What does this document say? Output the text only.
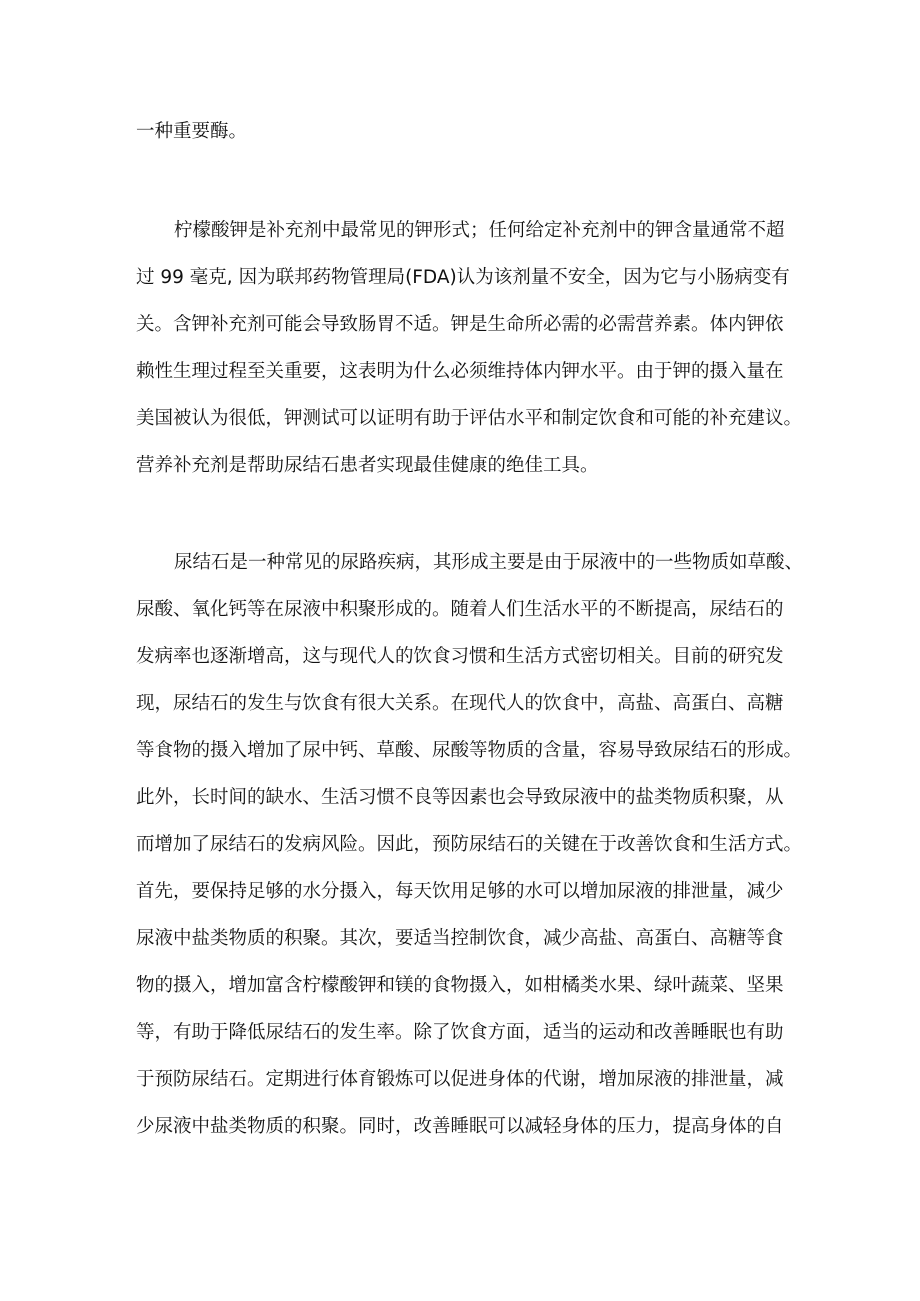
一种重要酶。
柠檬酸钾是补充剂中最常见的钾形式；任何给定补充剂中的钾含量通常不超
过 99 毫克, 因为联邦药物管理局(FDA)认为该剂量不安全，因为它与小肠病变有
关。含钾补充剂可能会导致肠胃不适。钾是生命所必需的必需营养素。体内钾依
赖性生理过程至关重要，这表明为什么必须维持体内钾水平。由于钾的摄入量在
美国被认为很低，钾测试可以证明有助于评估水平和制定饮食和可能的补充建议。
营养补充剂是帮助尿结石患者实现最佳健康的绝佳工具。
尿结石是一种常见的尿路疾病，其形成主要是由于尿液中的一些物质如草酸、
尿酸、氧化钙等在尿液中积聚形成的。随着人们生活水平的不断提高，尿结石的
发病率也逐渐增高，这与现代人的饮食习惯和生活方式密切相关。目前的研究发
现，尿结石的发生与饮食有很大关系。在现代人的饮食中，高盐、高蛋白、高糖
等食物的摄入增加了尿中钙、草酸、尿酸等物质的含量，容易导致尿结石的形成。
此外，长时间的缺水、生活习惯不良等因素也会导致尿液中的盐类物质积聚，从
而增加了尿结石的发病风险。因此，预防尿结石的关键在于改善饮食和生活方式。
首先，要保持足够的水分摄入，每天饮用足够的水可以增加尿液的排泄量，减少
尿液中盐类物质的积聚。其次，要适当控制饮食，减少高盐、高蛋白、高糖等食
物的摄入，增加富含柠檬酸钾和镁的食物摄入，如柑橘类水果、绿叶蔬菜、坚果
等，有助于降低尿结石的发生率。除了饮食方面，适当的运动和改善睡眠也有助
于预防尿结石。定期进行体育锻炼可以促进身体的代谢，增加尿液的排泄量，减
少尿液中盐类物质的积聚。同时，改善睡眠可以减轻身体的压力，提高身体的自
